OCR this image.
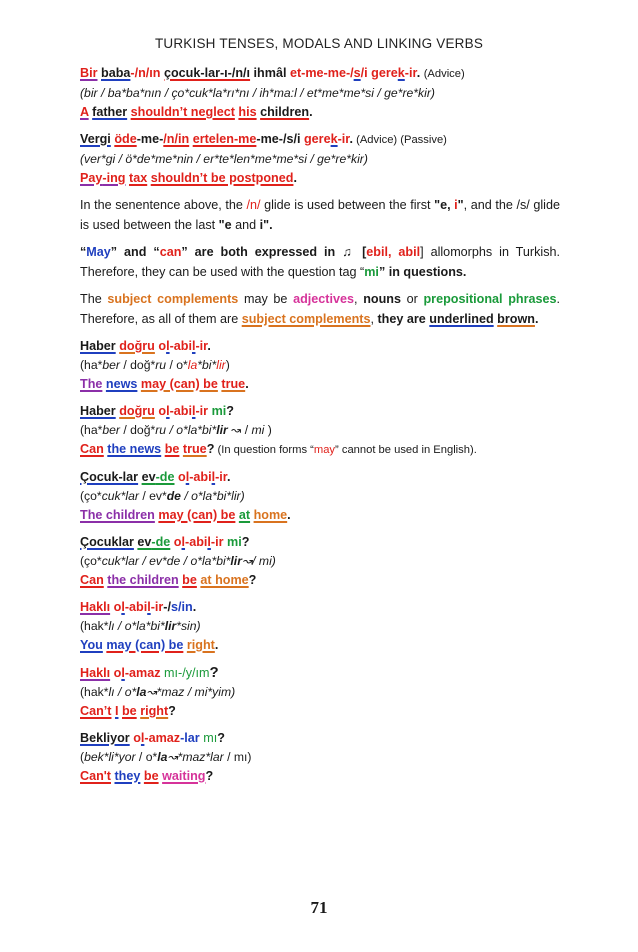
TURKISH TENSES, MODALS AND LINKING VERBS
Bir baba-/n/ın çocuk-lar-ı-/n/ı ihmâl et-me-me-/s/i gerek-ir. (Advice)
(bir / ba*ba*nın / ço*cuk*la*rı*nı / ih*ma:l / et*me*me*si / ge*re*kir)
A father shouldn’t neglect his children.
Vergi öde-me-/n/in ertelen-me-me-/s/i gerek-ir. (Advice) (Passive)
(ver*gi / ö*de*me*nin / er*te*len*me*me*si / ge*re*kir)
Pay-ing tax shouldn’t be postponed.
In the senentence above, the /n/ glide is used between the first "e, i", and the /s/ glide is used between the last "e and i".
“May” and “can” are both expressed in ♫ [ebil, abil] allomorphs in Turkish. Therefore, they can be used with the question tag “mi” in questions.
The subject complements may be adjectives, nouns or prepositional phrases. Therefore, as all of them are subject complements, they are underlined brown.
Haber doğru ol-abil-ir.
(ha*ber / doğ*ru / o*la*bi*lir)
The news may (can) be true.
Haber doğru ol-abil-ir mi?
(ha*ber / doğ*ru / o*la*bi*lir ↝ / mi )
Can the news be true? (In question forms “may” cannot be used in English).
Çocuk-lar ev-de ol-abil-ir.
(ço*cuk*lar / ev*de / o*la*bi*lir)
The children may (can) be at home.
Çocuklar ev-de ol-abil-ir mi?
(ço*cuk*lar / ev*de / o*la*bi*lir↝/ mi)
Can the children be at home?
Haklı ol-abil-ir-/s/in.
(hak*lı / o*la*bi*lir*sin)
You may (can) be right.
Haklı ol-amaz mı-/y/ım?
(hak*lı / o*la↝*maz / mi*yim)
Can’t I be right?
Bekliyor ol-amaz-lar mı?
(bek*li*yor / o*la↝*maz*lar / mı)
Can't they be waiting?
71
